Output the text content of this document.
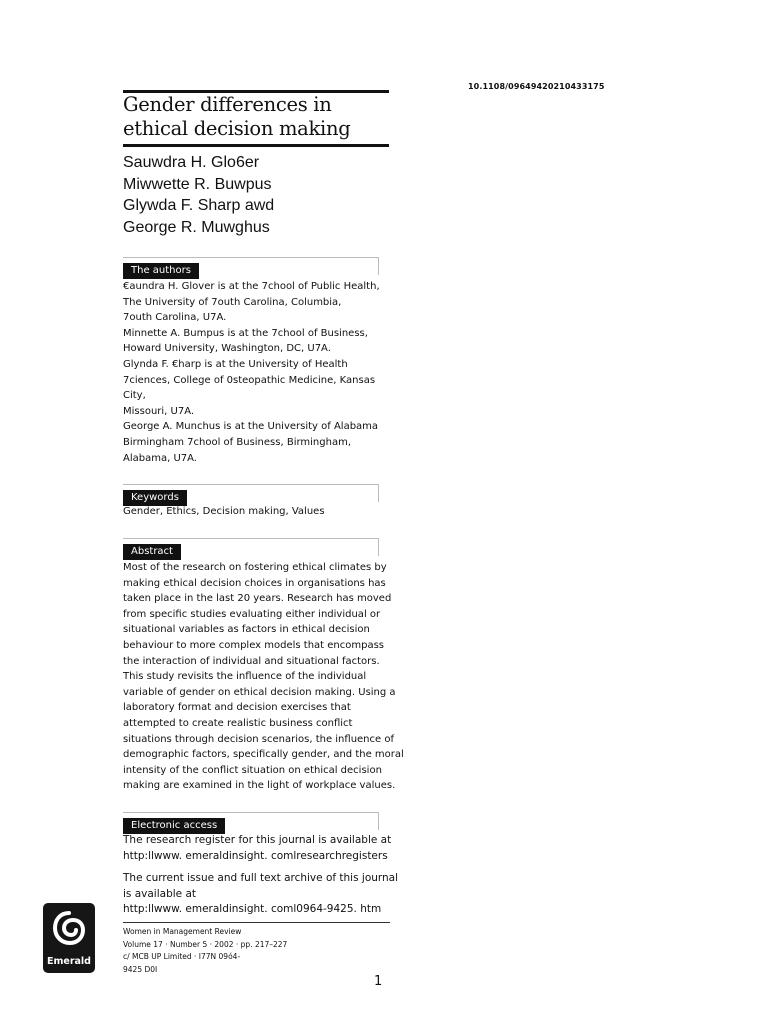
10.1108/09649420210433175
Gender differences in
ethical decision making
Sauwdra H. Glo6er
Miwwette R. Buwpus
Glywda F. Sharp awd
George R. Muwghus
The authors
€aundra H. Glover is at the 7chool of Public Health,
The University of 7outh Carolina, Columbia,
7outh Carolina, U7A.
Minnette A. Bumpus is at the 7chool of Business,
Howard University, Washington, DC, U7A.
Glynda F. €harp is at the University of Health
7ciences, College of 0steopathic Medicine, Kansas
City,
Missouri, U7A.
George A. Munchus is at the University of Alabama
Birmingham 7chool of Business, Birmingham,
Alabama, U7A.
Keywords
Gender, Ethics, Decision making, Values
Abstract
Most of the research on fostering ethical climates by
making ethical decision choices in organisations has
taken place in the last 20 years. Research has moved
from specific studies evaluating either individual or
situational variables as factors in ethical decision
behaviour to more complex models that encompass
the interaction of individual and situational factors.
This study revisits the influence of the individual
variable of gender on ethical decision making. Using a
laboratory format and decision exercises that
attempted to create realistic business conflict
situations through decision scenarios, the influence of
demographic factors, specifically gender, and the moral
intensity of the conflict situation on ethical decision
making are examined in the light of workplace values.
Electronic access
The research register for this journal is available at
http:llwww. emeraldinsight. comlresearchregisters
The current issue and full text archive of this journal
is available at
http:llwww. emeraldinsight. coml0964-9425. htm
Women in Management Review
Volume 17 · Number 5 · 2002 · pp. 217–227
c/ MCB UP Limited · I77N 09ó4-
9425 D0I
Emerald
1
